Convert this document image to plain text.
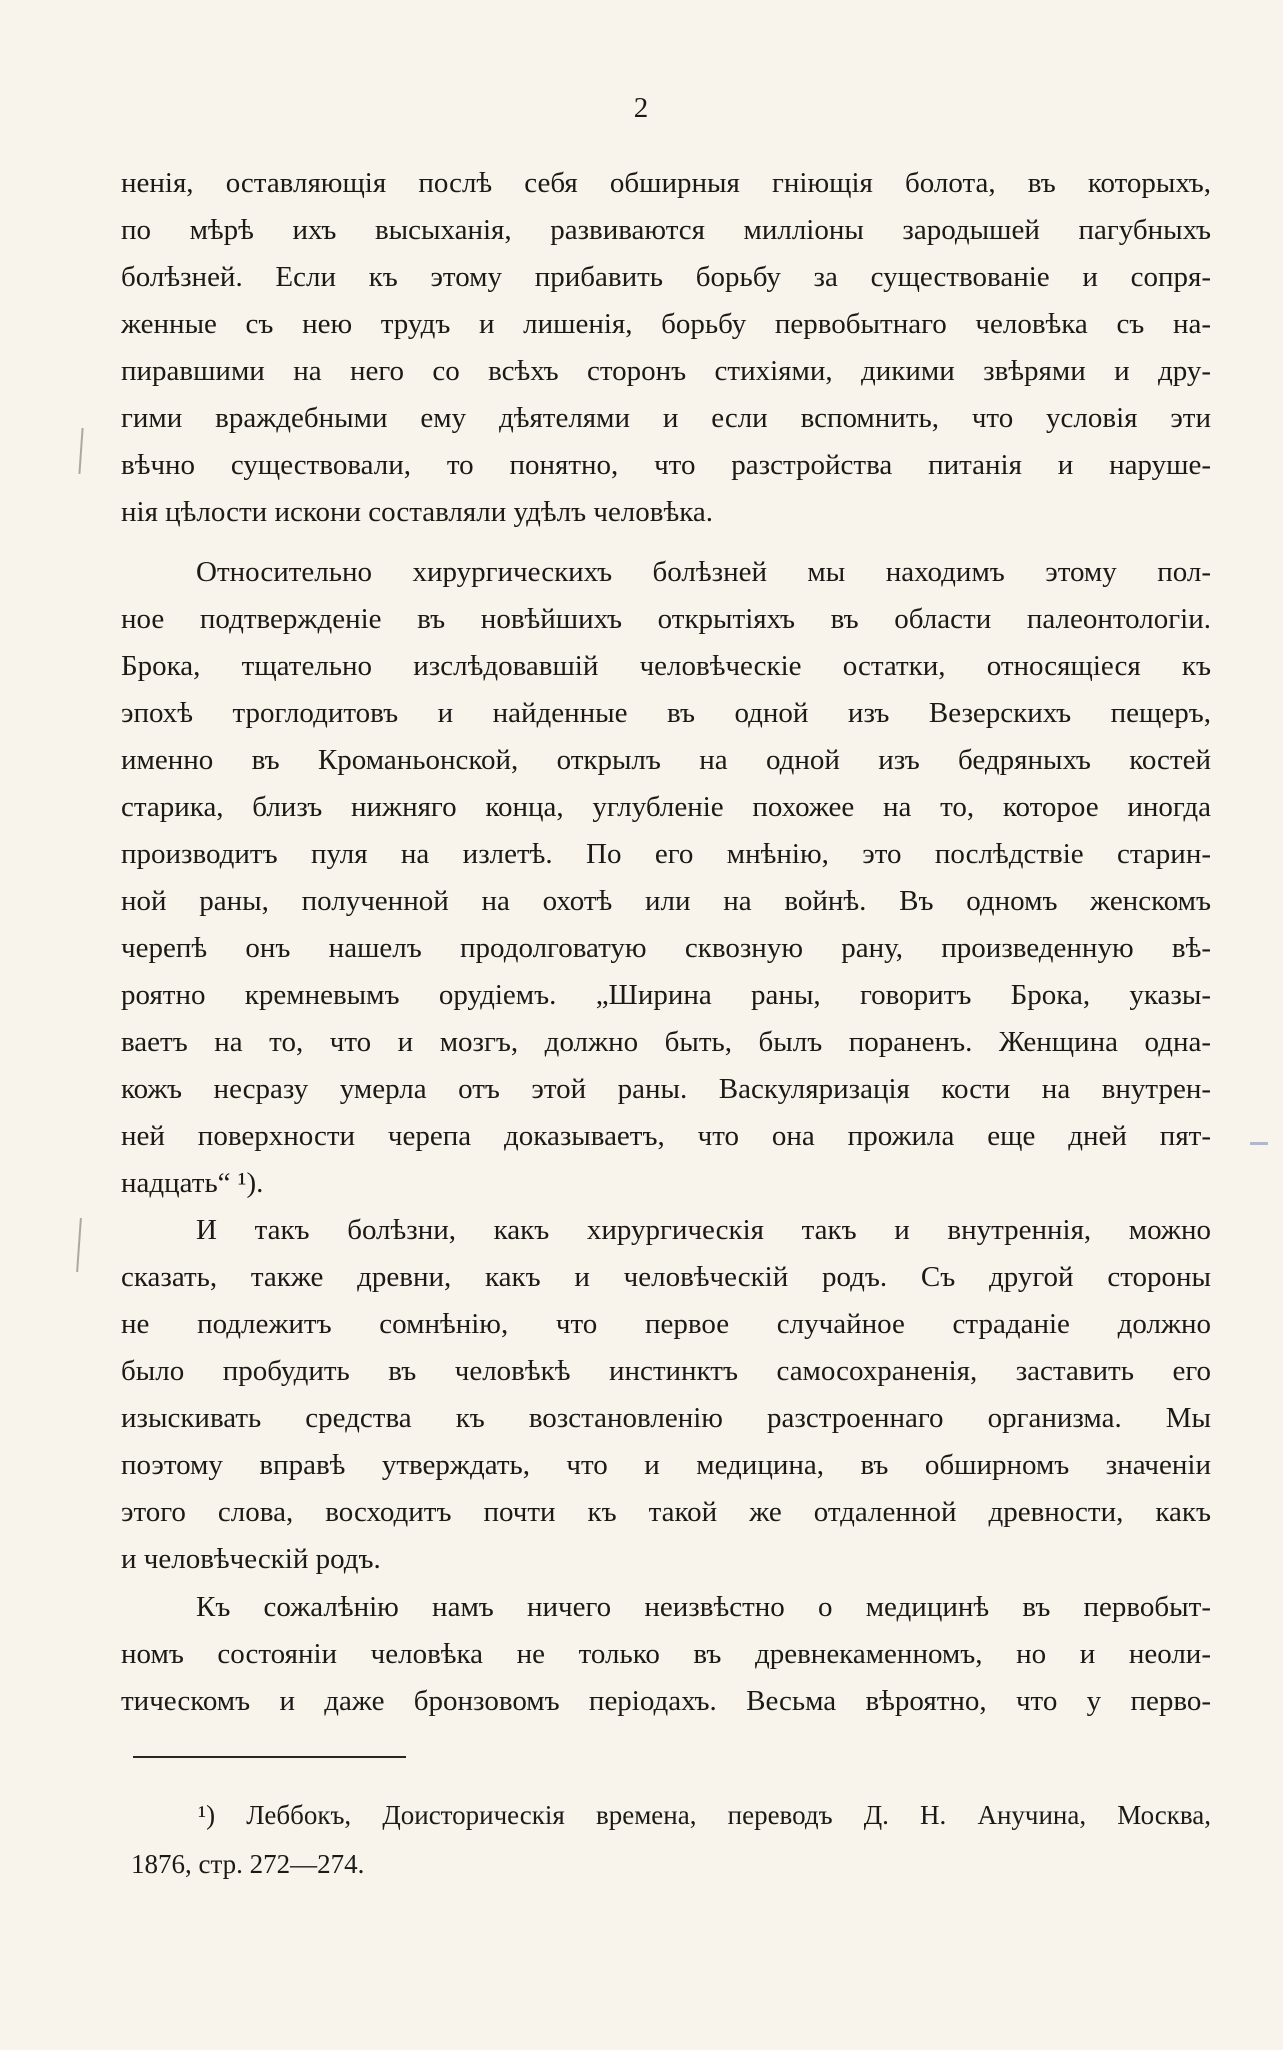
2
ненія, оставляющія послѣ себя обширныя гніющія болота, въ которыхъ,
по мѣрѣ ихъ высыханія, развиваются милліоны зародышей пагубныхъ
болѣзней. Если къ этому прибавить борьбу за существованіе и сопря-
женные съ нею трудъ и лишенія, борьбу первобытнаго человѣка съ на-
пиравшими на него со всѣхъ сторонъ стихіями, дикими звѣрями и дру-
гими враждебными ему дѣятелями и если вспомнить, что условія эти
вѣчно существовали, то понятно, что разстройства питанія и наруше-
нія цѣлости искони составляли удѣлъ человѣка.
Относительно хирургическихъ болѣзней мы находимъ этому пол-
ное подтвержденіе въ новѣйшихъ открытіяхъ въ области палеонтологіи.
Брока, тщательно изслѣдовавшій человѣческіе остатки, относящіеся къ
эпохѣ троглодитовъ и найденные въ одной изъ Везерскихъ пещеръ,
именно въ Кроманьонской, открылъ на одной изъ бедряныхъ костей
старика, близъ нижняго конца, углубленіе похожее на то, которое иногда
производитъ пуля на излетѣ. По его мнѣнію, это послѣдствіе старин-
ной раны, полученной на охотѣ или на войнѣ. Въ одномъ женскомъ
черепѣ онъ нашелъ продолговатую сквозную рану, произведенную вѣ-
роятно кремневымъ орудіемъ. „Ширина раны, говоритъ Брока, указы-
ваетъ на то, что и мозгъ, должно быть, былъ пораненъ. Женщина одна-
кожъ несразу умерла отъ этой раны. Васкуляризація кости на внутрен-
ней поверхности черепа доказываетъ, что она прожила еще дней пят-
надцать“ ¹).
И такъ болѣзни, какъ хирургическія такъ и внутреннія, можно
сказать, также древни, какъ и человѣческій родъ. Съ другой стороны
не подлежитъ сомнѣнію, что первое случайное страданіе должно
было пробудить въ человѣкѣ инстинктъ самосохраненія, заставить его
изыскивать средства къ возстановленію разстроеннаго организма. Мы
поэтому вправѣ утверждать, что и медицина, въ обширномъ значеніи
этого слова, восходитъ почти къ такой же отдаленной древности, какъ
и человѣческій родъ.
Къ сожалѣнію намъ ничего неизвѣстно о медицинѣ въ первобыт-
номъ состояніи человѣка не только въ древнекаменномъ, но и неоли-
тическомъ и даже бронзовомъ періодахъ. Весьма вѣроятно, что у перво-
¹) Леббокъ, Доисторическія времена, переводъ Д. Н. Анучина, Москва,
1876, стр. 272—274.
